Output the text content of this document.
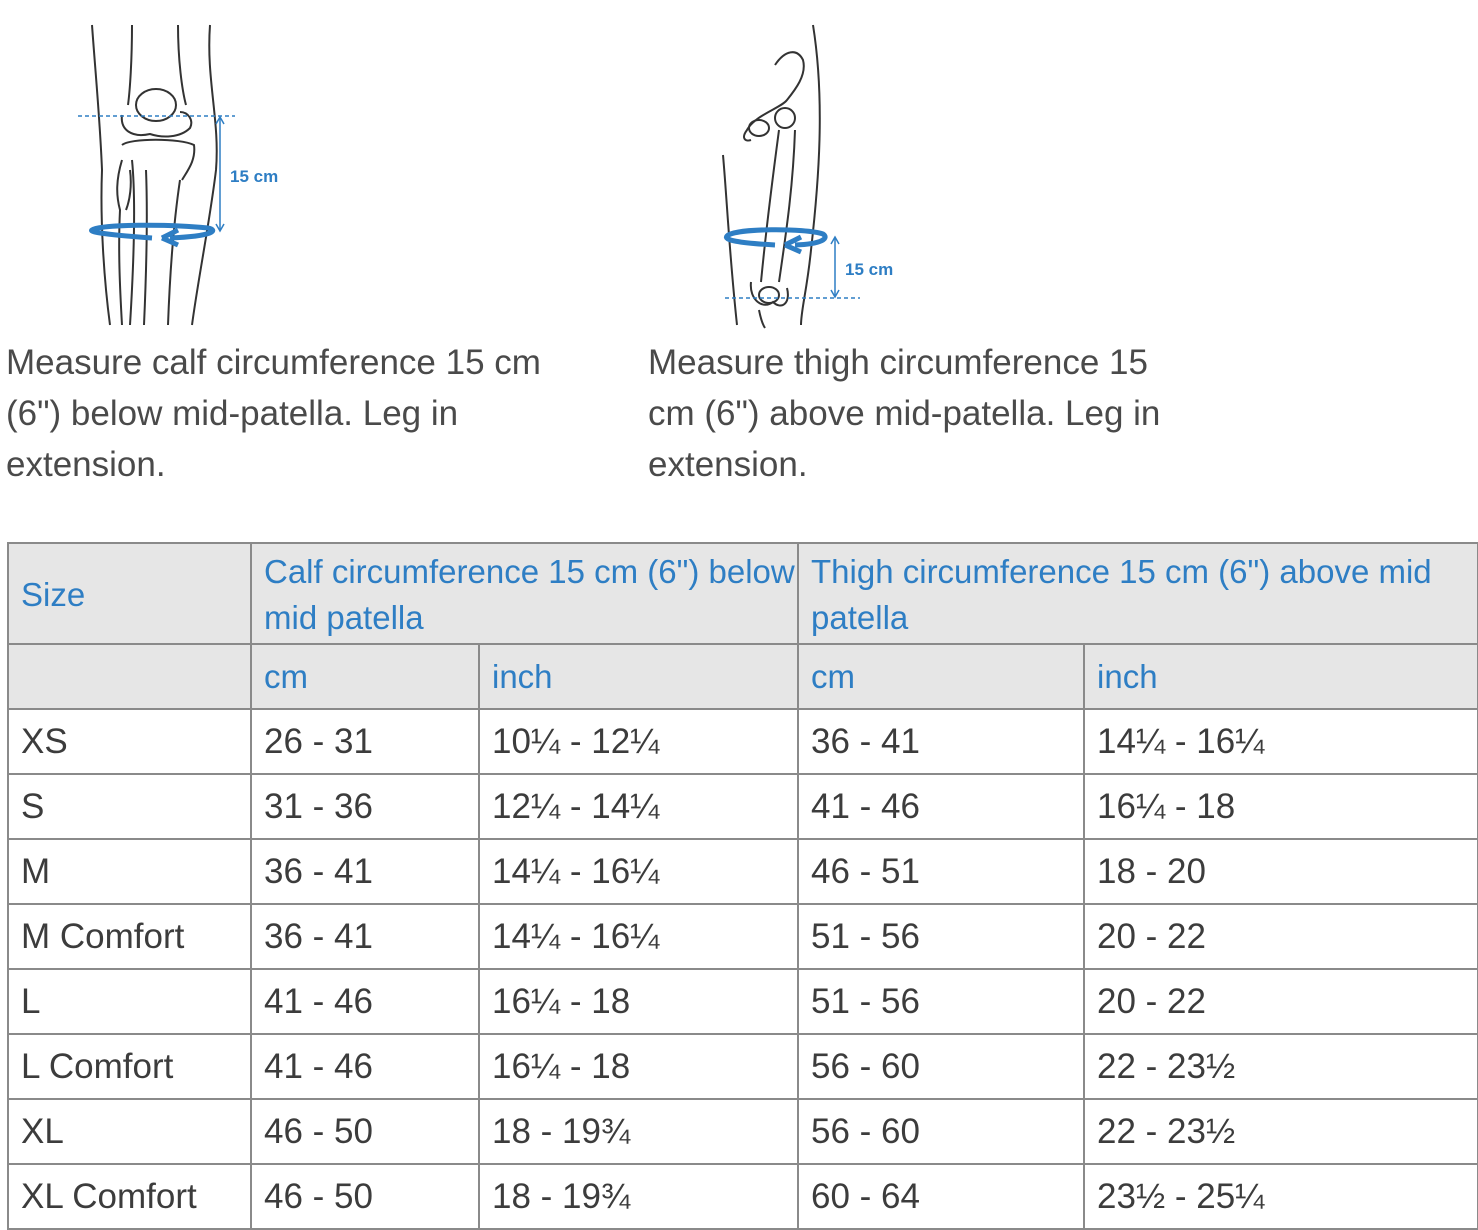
15 cm
15 cm

Measure calf circumference 15 cm (6") below mid-patella. Leg in extension.

Measure thigh circumference 15 cm (6") above mid-patella. Leg in extension.

Size	Calf circumference 15 cm (6") below mid patella		Thigh circumference 15 cm (6") above mid patella	
	cm	inch	cm	inch
XS	26 - 31	10¼ - 12¼	36 - 41	14¼ - 16¼
S	31 - 36	12¼ - 14¼	41 - 46	16¼ - 18
M	36 - 41	14¼ - 16¼	46 - 51	18 - 20
M Comfort	36 - 41	14¼ - 16¼	51 - 56	20 - 22
L	41 - 46	16¼ - 18	51 - 56	20 - 22
L Comfort	41 - 46	16¼ - 18	56 - 60	22 - 23½
XL	46 - 50	18 - 19¾	56 - 60	22 - 23½
XL Comfort	46 - 50	18 - 19¾	60 - 64	23½ - 25¼
